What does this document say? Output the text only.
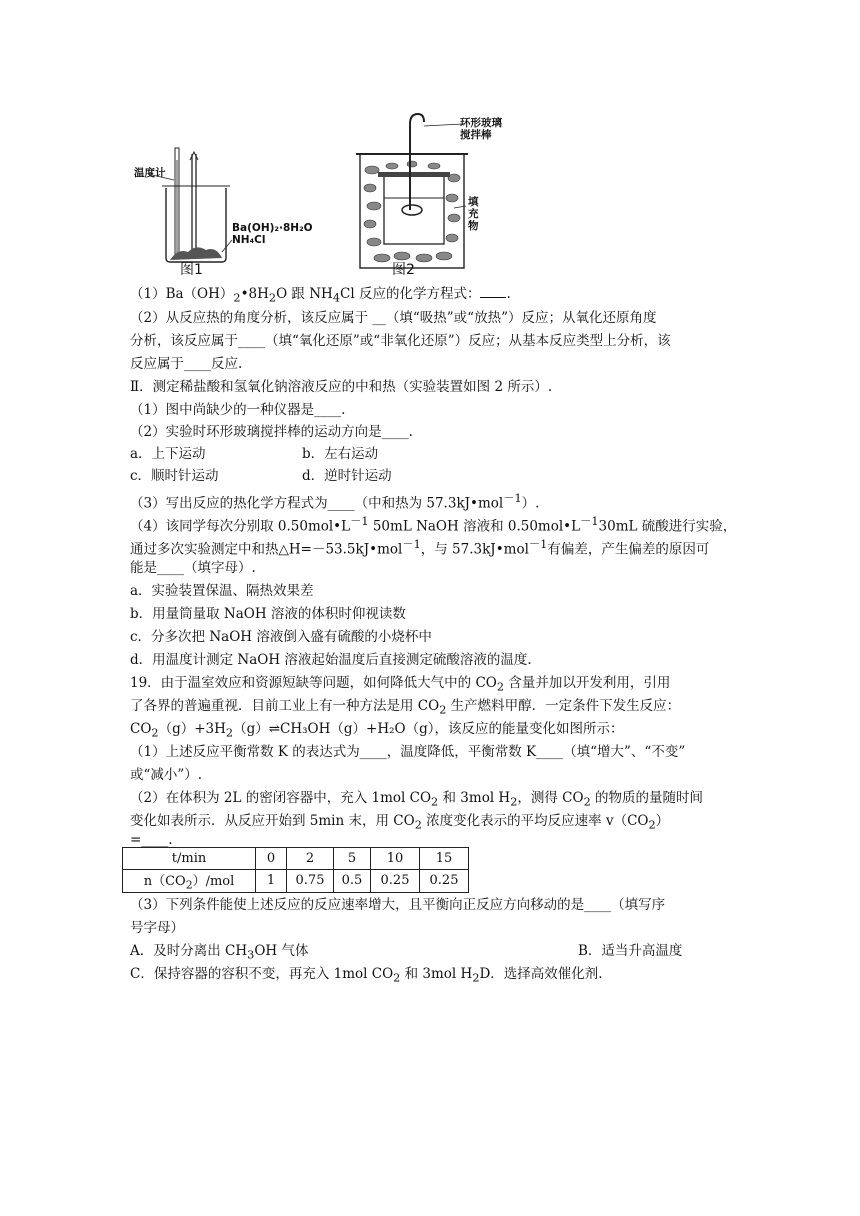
温度计
Ba(OH)₂·8H₂O
NH₄Cl
图1
环形玻璃
搅拌棒
填
充
物
图2
$(1)Ba(OH)_2•8H_2O$ 跟 $NH_4Cl$ 反应的化学方程式： .
（2）从反应热的角度分析，该反应属于 __（填“吸热”或“放热”）反应；从氧化还原角度
分析，该反应属于____（填“氧化还原”或“非氧化还原”）反应；从基本反应类型上分析，该
反应属于____反应.
Ⅱ．测定稀盐酸和氢氧化钠溶液反应的中和热（实验装置如图 2 所示）.
（1）图中尚缺少的一种仪器是____.
（2）实验时环形玻璃搅拌棒的运动方向是____.
a．上下运动	b．左右运动
c．顺时针运动	d．逆时针运动
（3）写出反应的热化学方程式为____（中和热为 57.3kJ•mol$^{-1}$）.
（4）该同学每次分别取 $0.50mol•L^{-1}$ 50mL NaOH 溶液和 $0.50mol•L^{-1}30mL$ 硫酸进行实验，
通过多次实验测定中和热△H=－53.5kJ•mol$^{-1}$，与 57.3kJ•mol$^{-1}$有偏差，产生偏差的原因可
能是____（填字母）.
a．实验装置保温、隔热效果差
b．用量筒量取 NaOH 溶液的体积时仰视读数
c．分多次把 NaOH 溶液倒入盛有硫酸的小烧杯中
d．用温度计测定 NaOH 溶液起始温度后直接测定硫酸溶液的温度.
19．由于温室效应和资源短缺等问题，如何降低大气中的 $CO_2$ 含量并加以开发利用，引用
了各界的普遍重视．目前工业上有一种方法是用 $CO_2$ 生产燃料甲醇．一定条件下发生反应：
$CO_2(g)+3H_2(g)\rightleftharpoons CH_3OH(g)+H_2O(g)$，该反应的能量变化如图所示：
（1）上述反应平衡常数 K 的表达式为____，温度降低，平衡常数 K____（填“增大”、“不变”
或“减小”）.
（2）在体积为 2L 的密闭容器中，充入 1mol $CO_2$ 和 3mol $H_2$，测得 $CO_2$ 的物质的量随时间
变化如表所示．从反应开始到 5min 末，用 $CO_2$ 浓度变化表示的平均反应速率 $v(CO_2)$
=____.
t/min	0	2	5	10	15
$n(CO_2)$/mol	1	0.75	0.5	0.25	0.25
（3）下列条件能使上述反应的反应速率增大，且平衡向正反应方向移动的是____（填写序
号字母）
A．及时分离出 $CH_3OH$ 气体	B．适当升高温度
C．保持容器的容积不变，再充入 1mol $CO_2$ 和 3mol $H_2D$．选择高效催化剂.
